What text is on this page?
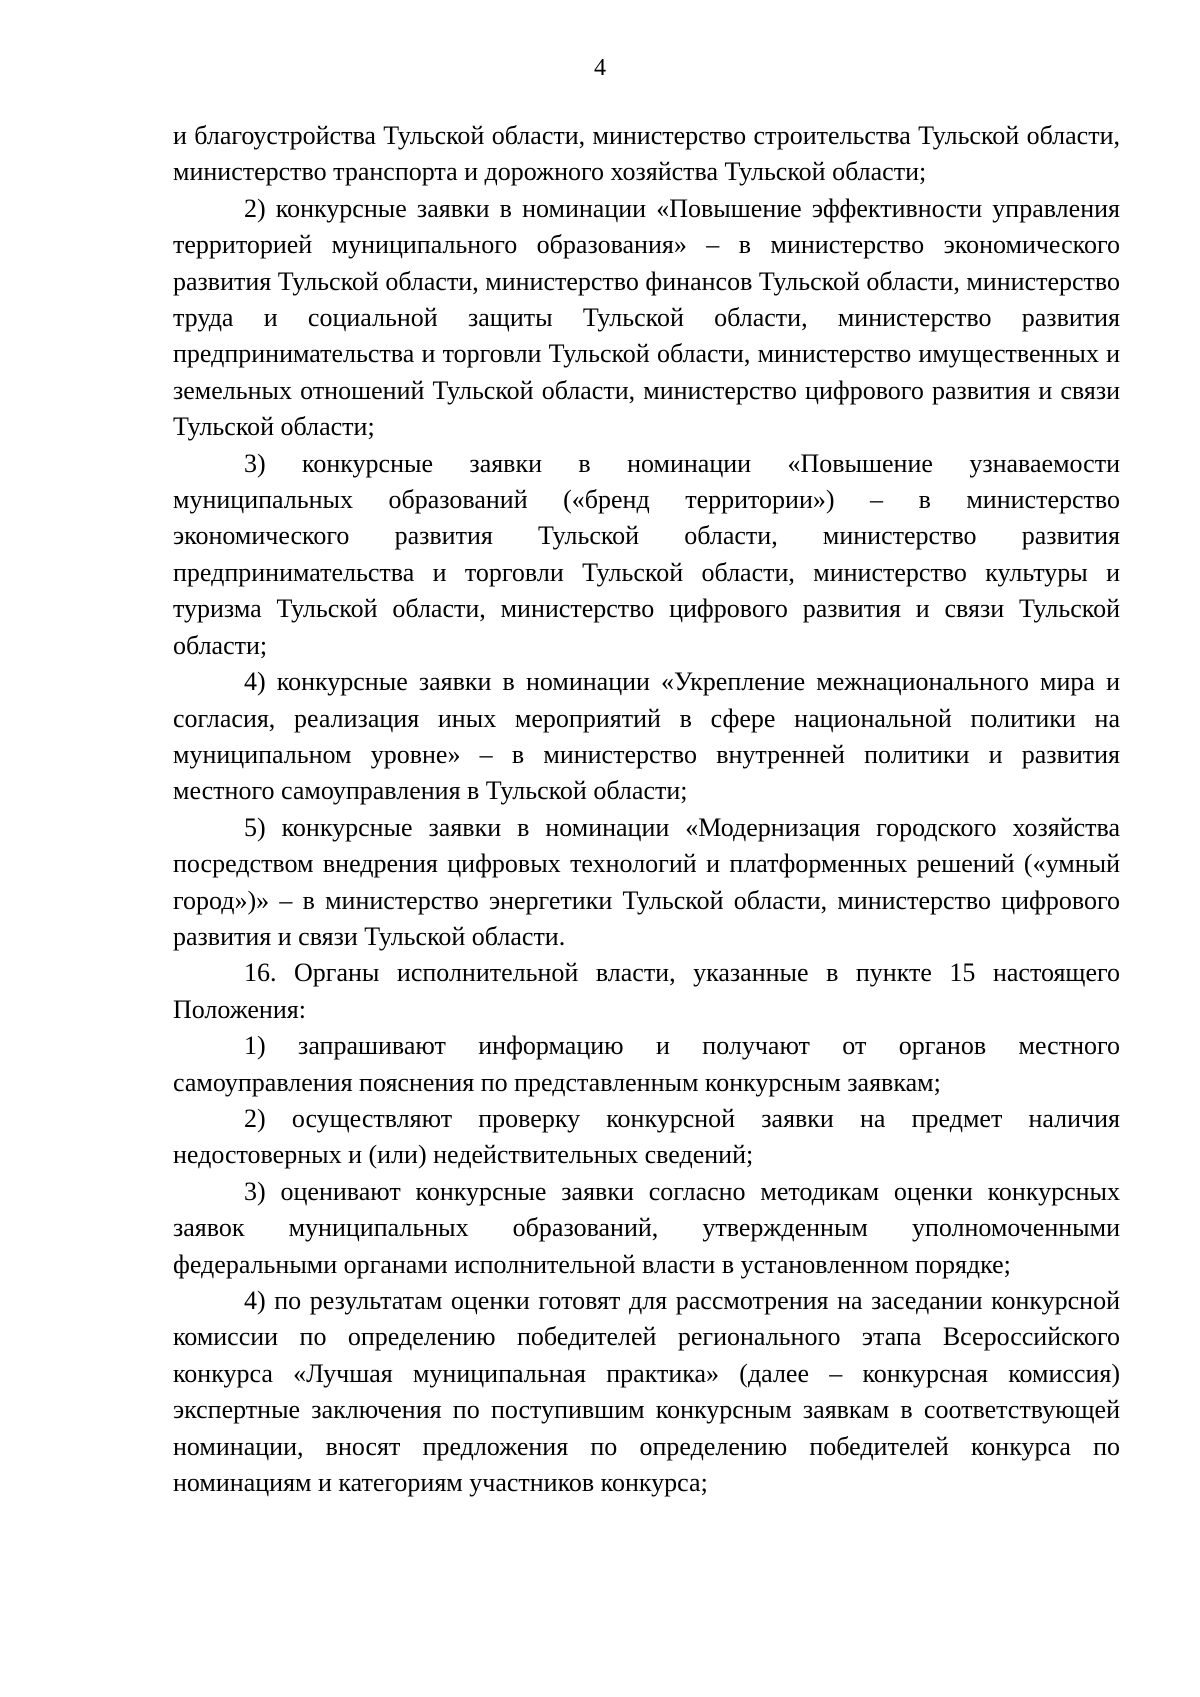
4

и благоустройства Тульской области, министерство строительства Тульской области, министерство транспорта и дорожного хозяйства Тульской области;

2) конкурсные заявки в номинации «Повышение эффективности управления территорией муниципального образования» – в министерство экономического развития Тульской области, министерство финансов Тульской области, министерство труда и социальной защиты Тульской области, министерство развития предпринимательства и торговли Тульской области, министерство имущественных и земельных отношений Тульской области, министерство цифрового развития и связи Тульской области;

3) конкурсные заявки в номинации «Повышение узнаваемости муниципальных образований («бренд территории») – в министерство экономического развития Тульской области, министерство развития предпринимательства и торговли Тульской области, министерство культуры и туризма Тульской области, министерство цифрового развития и связи Тульской области;

4) конкурсные заявки в номинации «Укрепление межнационального мира и согласия, реализация иных мероприятий в сфере национальной политики на муниципальном уровне» – в министерство внутренней политики и развития местного самоуправления в Тульской области;

5) конкурсные заявки в номинации «Модернизация городского хозяйства посредством внедрения цифровых технологий и платформенных решений («умный город»)» – в министерство энергетики Тульской области, министерство цифрового развития и связи Тульской области.

16. Органы исполнительной власти, указанные в пункте 15 настоящего Положения:

1) запрашивают информацию и получают от органов местного самоуправления пояснения по представленным конкурсным заявкам;

2) осуществляют проверку конкурсной заявки на предмет наличия недостоверных и (или) недействительных сведений;

3) оценивают конкурсные заявки согласно методикам оценки конкурсных заявок муниципальных образований, утвержденным уполномоченными федеральными органами исполнительной власти в установленном порядке;

4) по результатам оценки готовят для рассмотрения на заседании конкурсной комиссии по определению победителей регионального этапа Всероссийского конкурса «Лучшая муниципальная практика» (далее – конкурсная комиссия) экспертные заключения по поступившим конкурсным заявкам в соответствующей номинации, вносят предложения по определению победителей конкурса по номинациям и категориям участников конкурса;
